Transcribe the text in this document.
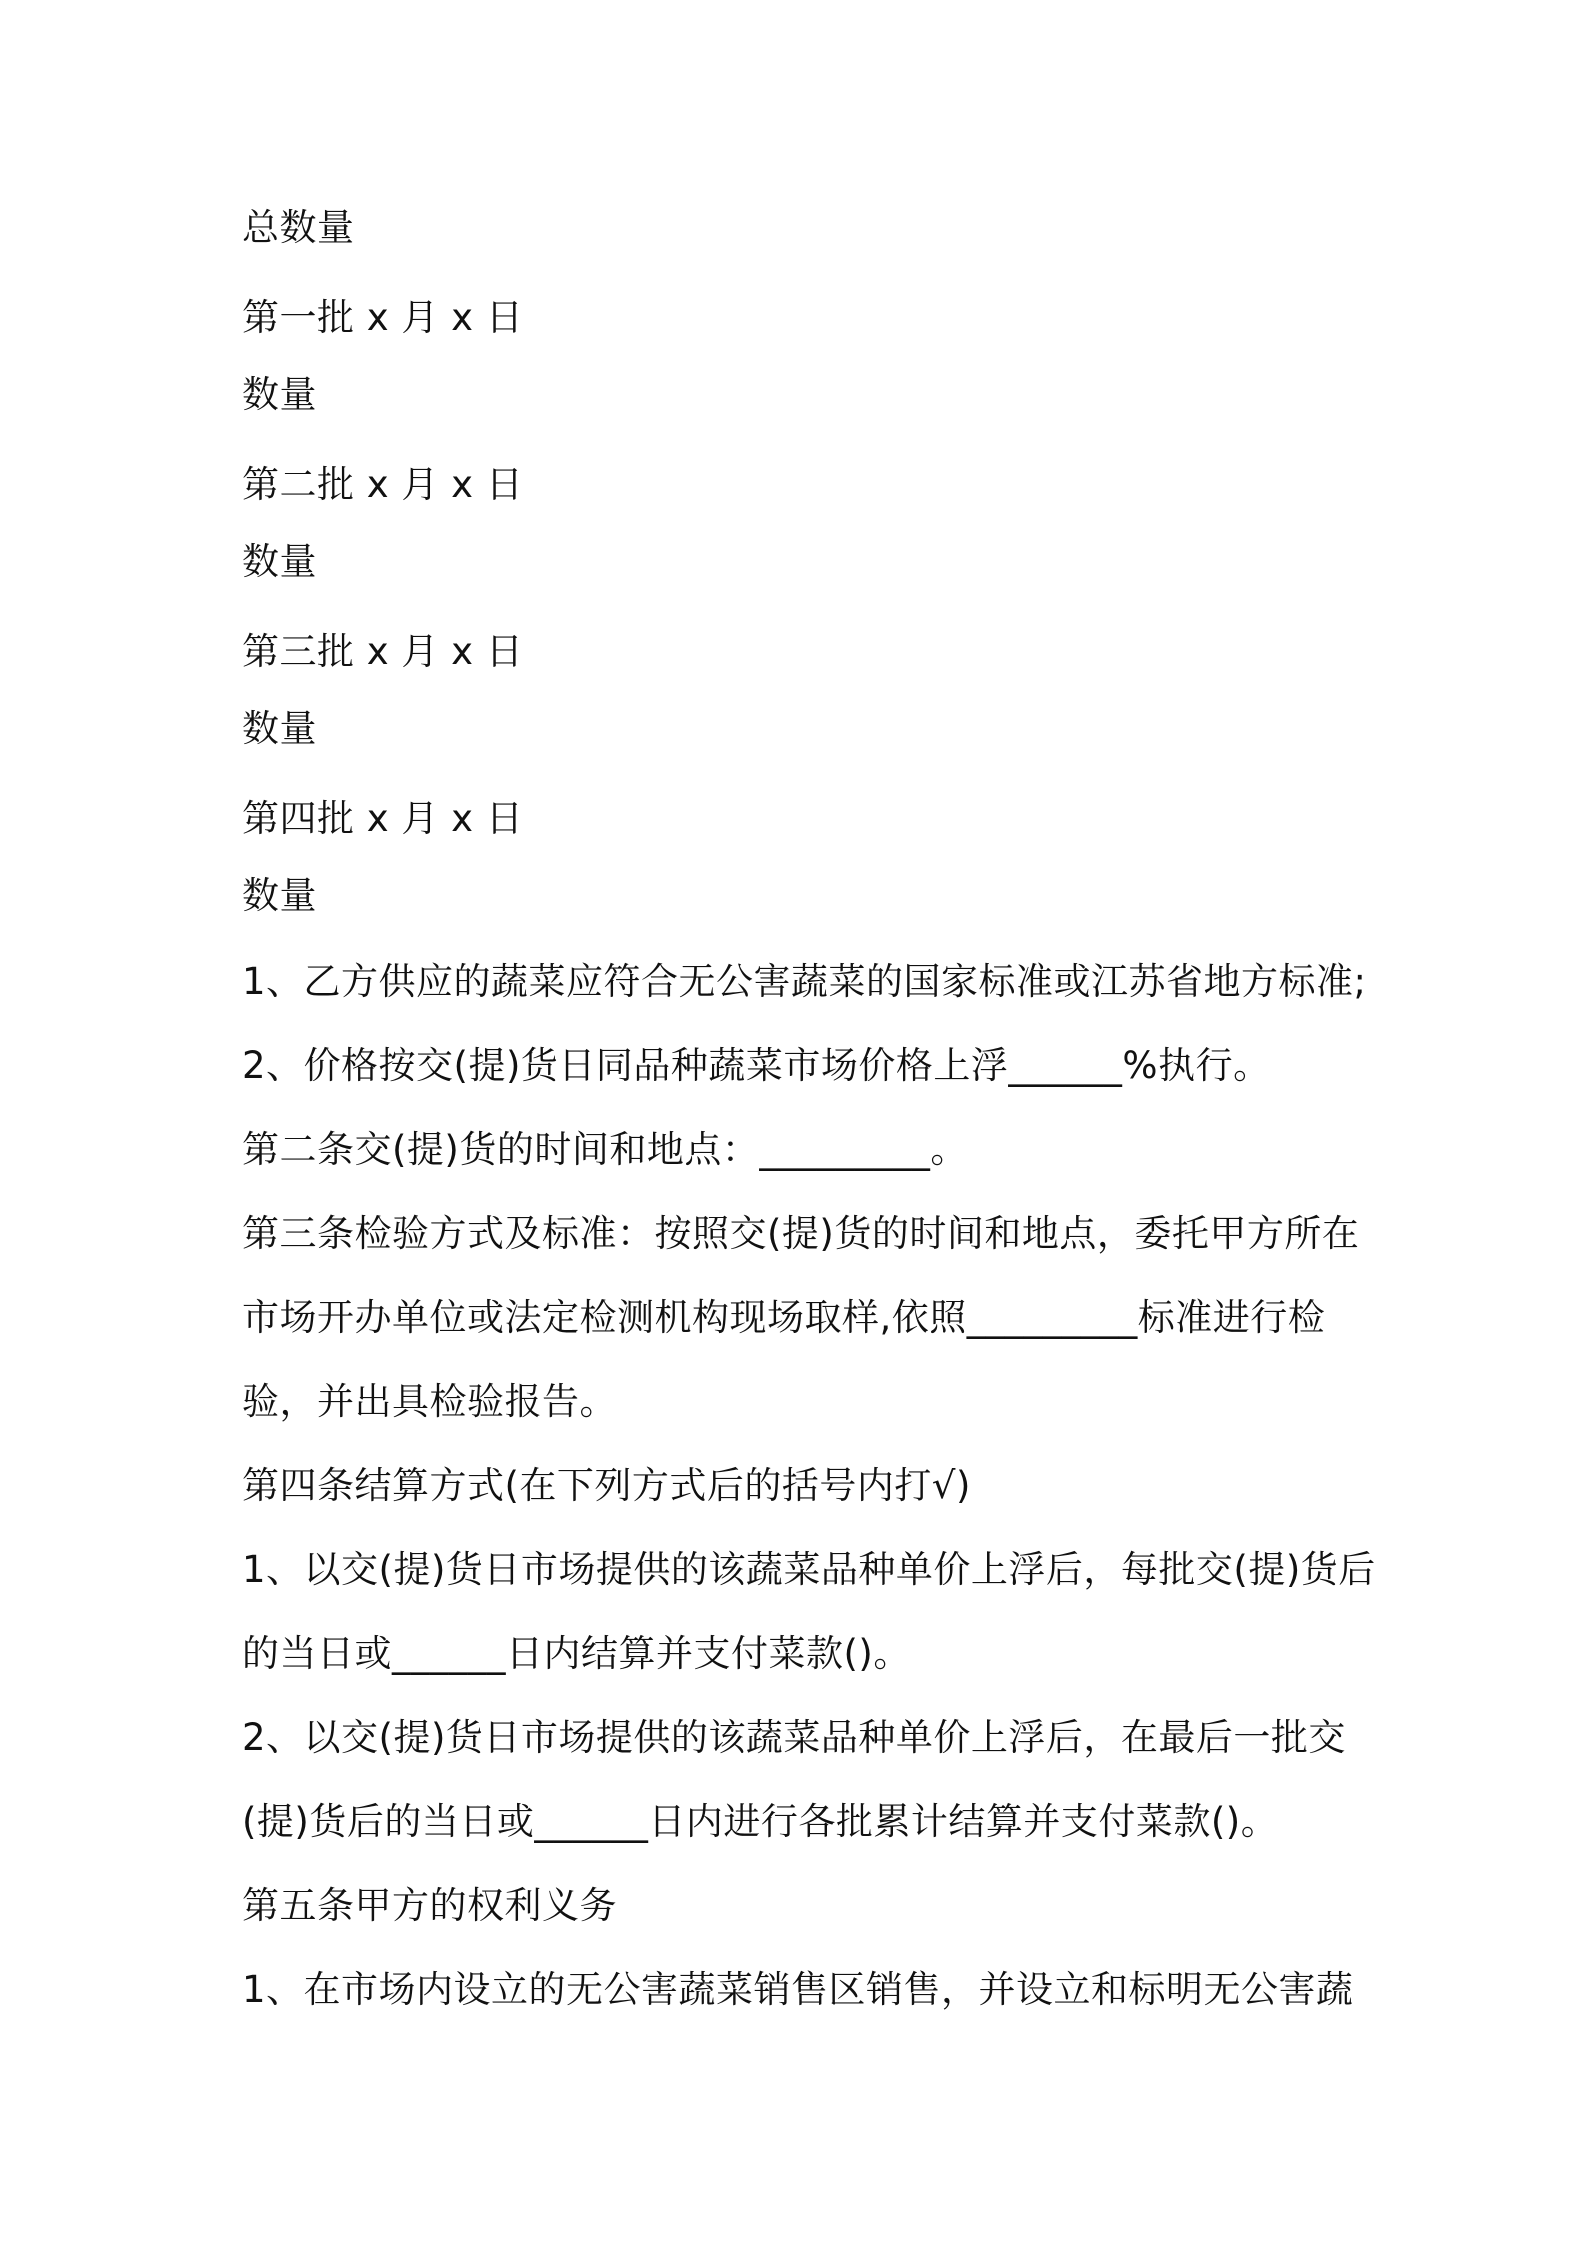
总数量
第一批 x 月 x 日
数量
第二批 x 月 x 日
数量
第三批 x 月 x 日
数量
第四批 x 月 x 日
数量
1、乙方供应的蔬菜应符合无公害蔬菜的国家标准或江苏省地方标准;
2、价格按交(提)货日同品种蔬菜市场价格上浮______%执行。
第二条交(提)货的时间和地点：_________。
第三条检验方式及标准：按照交(提)货的时间和地点，委托甲方所在
市场开办单位或法定检测机构现场取样,依照_________标准进行检
验，并出具检验报告。
第四条结算方式(在下列方式后的括号内打√)
1、以交(提)货日市场提供的该蔬菜品种单价上浮后，每批交(提)货后
的当日或______日内结算并支付菜款()。
2、以交(提)货日市场提供的该蔬菜品种单价上浮后，在最后一批交
(提)货后的当日或______日内进行各批累计结算并支付菜款()。
第五条甲方的权利义务
1、在市场内设立的无公害蔬菜销售区销售，并设立和标明无公害蔬
